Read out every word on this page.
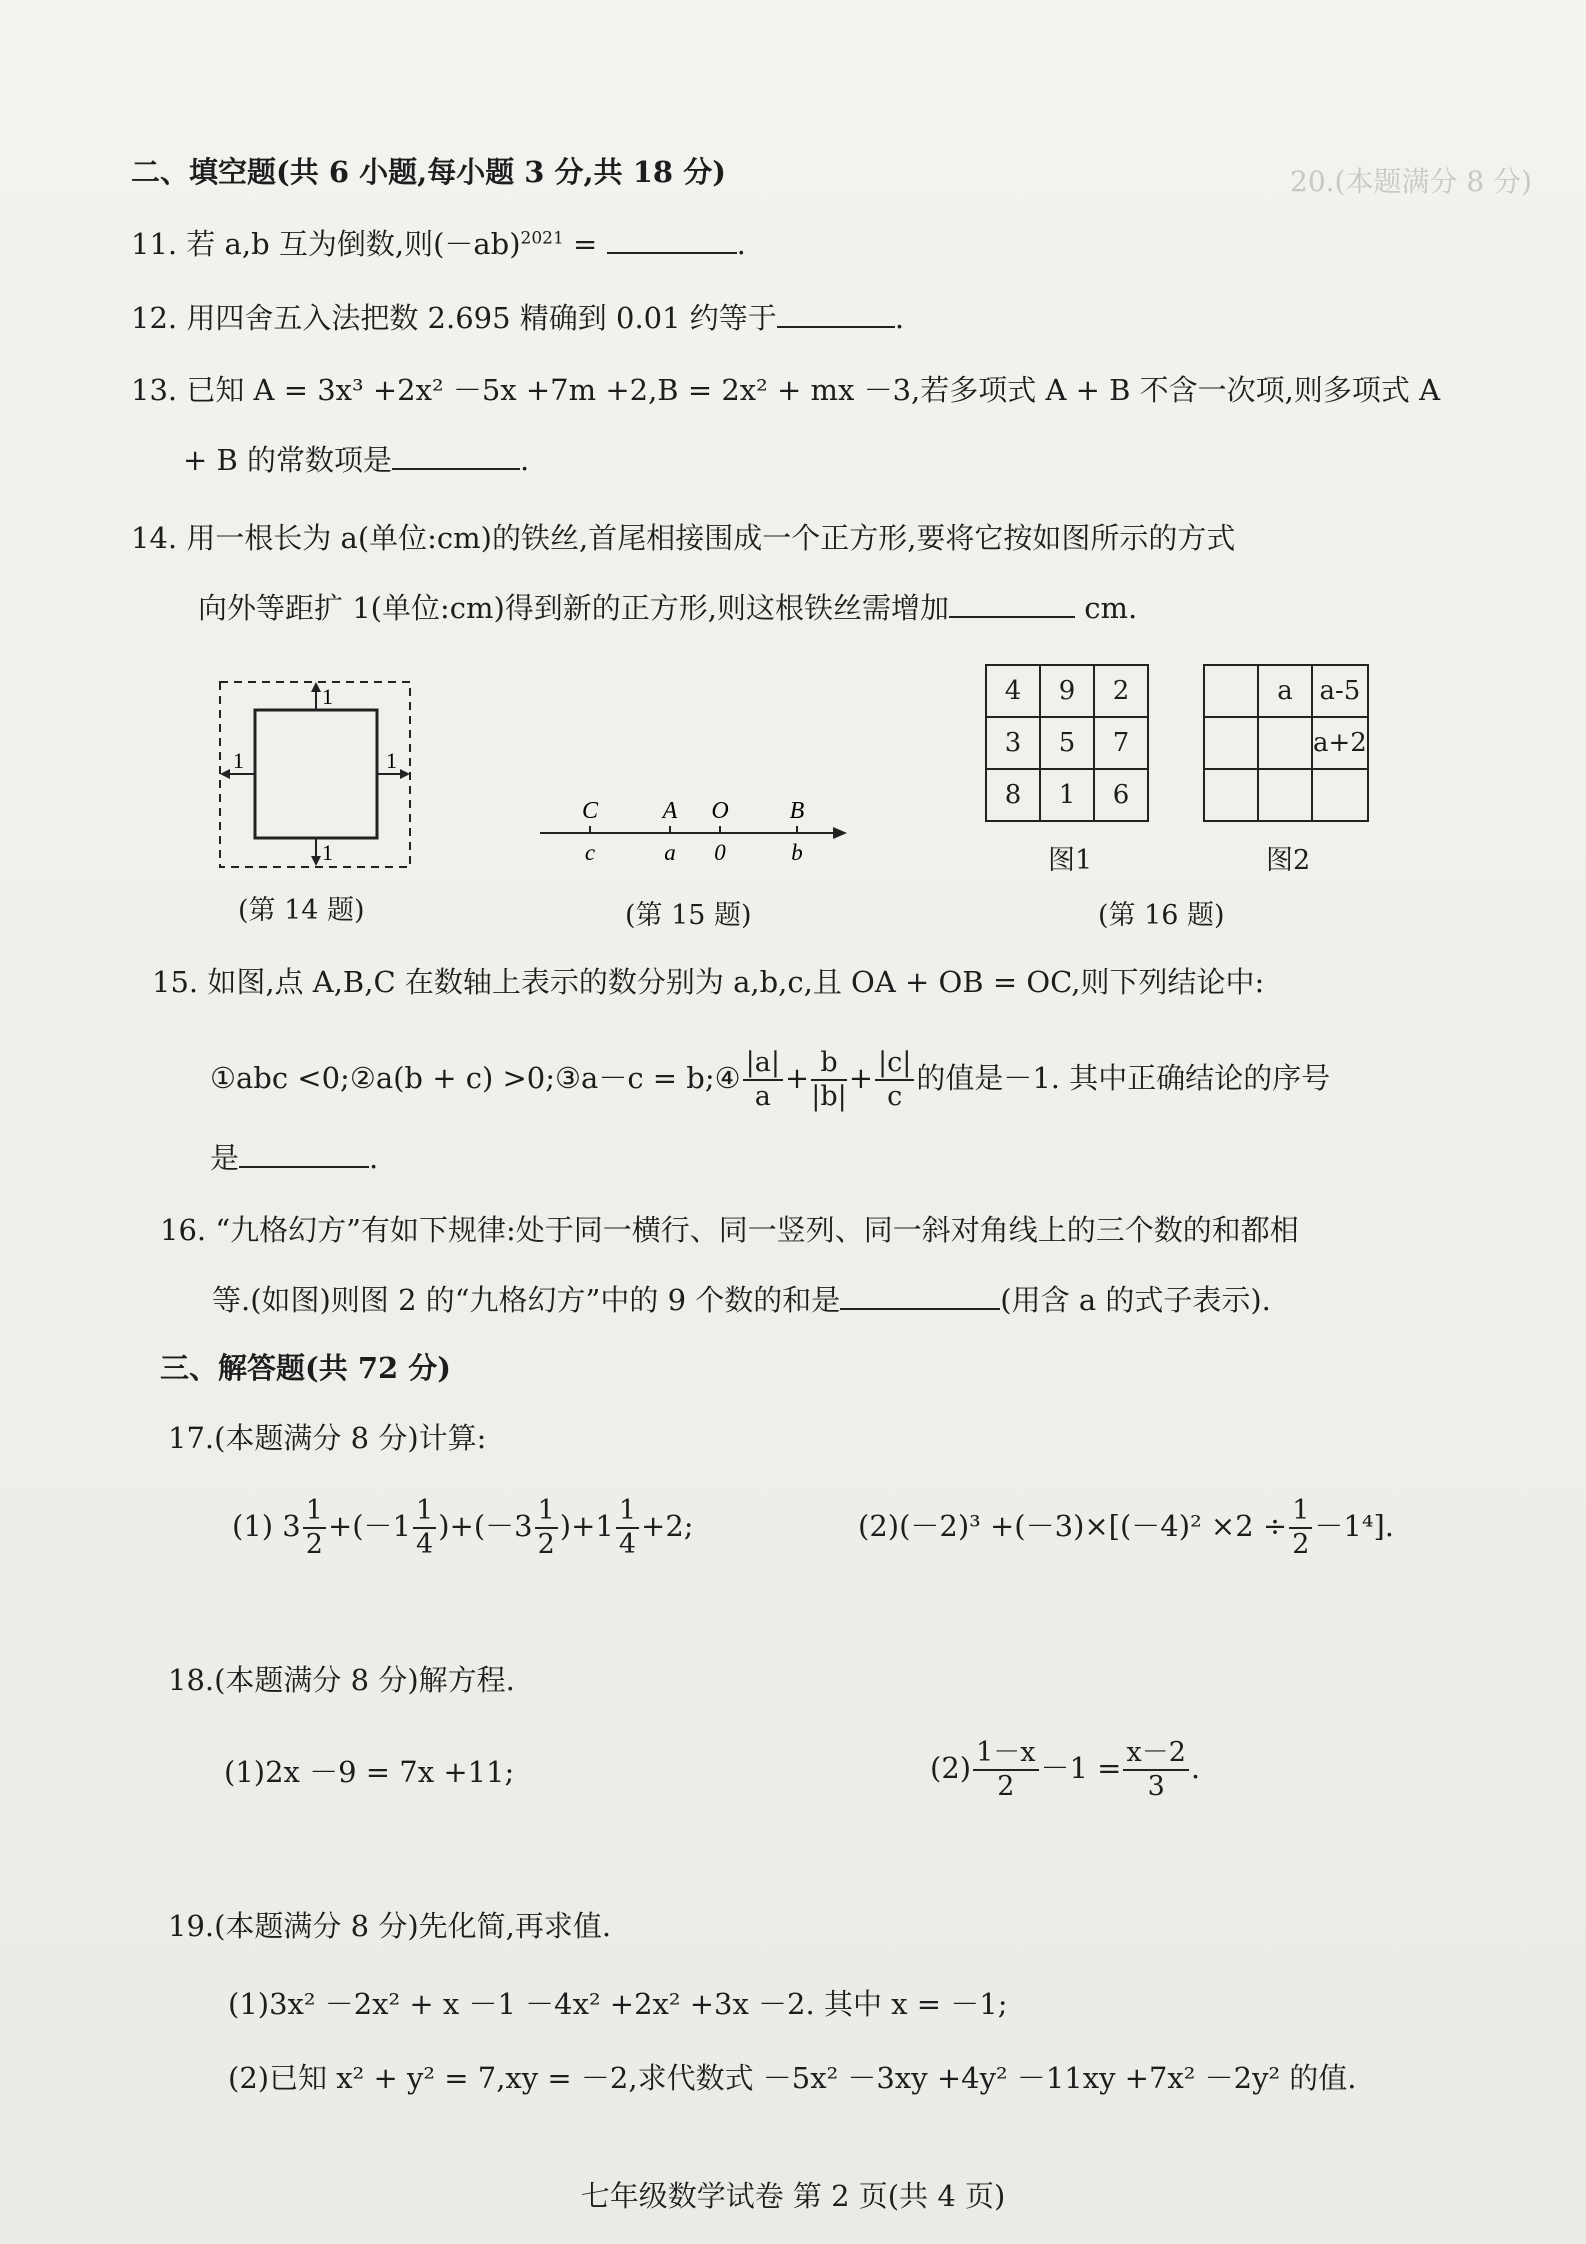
20.(本题满分 8 分)
二、填空题(共 6 小题,每小题 3 分,共 18 分)
11. 若 a,b 互为倒数,则$(-ab)^{2021}$ =	.
12. 用四舍五入法把数 2.695 精确到 0.01 约等于	.
13. 已知 A = 3x³ +2x² －5x +7m +2,B = 2x² + mx －3,若多项式 A + B 不含一次项,则多项式 A
+ B 的常数项是	.
14. 用一根长为 a(单位:cm)的铁丝,首尾相接围成一个正方形,要将它按如图所示的方式
向外等距扩 1(单位:cm)得到新的正方形,则这根铁丝需增加	cm.
1
1
1	1
(第 14 题)
C
c
A
a
O
0
B
b
(第 15 题)
4	9	2
3	5	7
8	1	6
图1
	a	a-5
		a+2

图2
(第 16 题)
15. 如图,点 A,B,C 在数轴上表示的数分别为 a,b,c,且 OA + OB = OC,则下列结论中:
①abc <0;②a(b + c) >0;③a－c = b;④ $\frac{|a|}{a} + \frac{b}{|b|} + \frac{|c|}{c}$ 的值是－1. 其中正确结论的序号
是	.
16. “九格幻方”有如下规律:处于同一横行、同一竖列、同一斜对角线上的三个数的和都相
等.(如图)则图 2 的“九格幻方”中的 9 个数的和是	(用含 a 的式子表示).
三、解答题(共 72 分)
17.(本题满分 8 分)计算:
(1) $3 \frac{1}{2} +(-1 \frac{1}{4} )+(-3 \frac{1}{2} )+1 \frac{1}{4} +2$;	$(2)(-2)^3 +(-3)\times[(-4)^2 \times 2 \div \frac{1}{2} -1^4]$.
18.(本题满分 8 分)解方程.
(1)2x －9 = 7x +11;	$(2) \frac{1-x}{2} -1 = \frac{x-2}{3}$ .
19.(本题满分 8 分)先化简,再求值.
(1)3x² －2x² + x －1 －4x² +2x² +3x －2. 其中 x = －1;
(2)已知 x² + y² = 7,xy = －2,求代数式 －5x² －3xy +4y² －11xy +7x² －2y² 的值.
七年级数学试卷 第 2 页(共 4 页)
